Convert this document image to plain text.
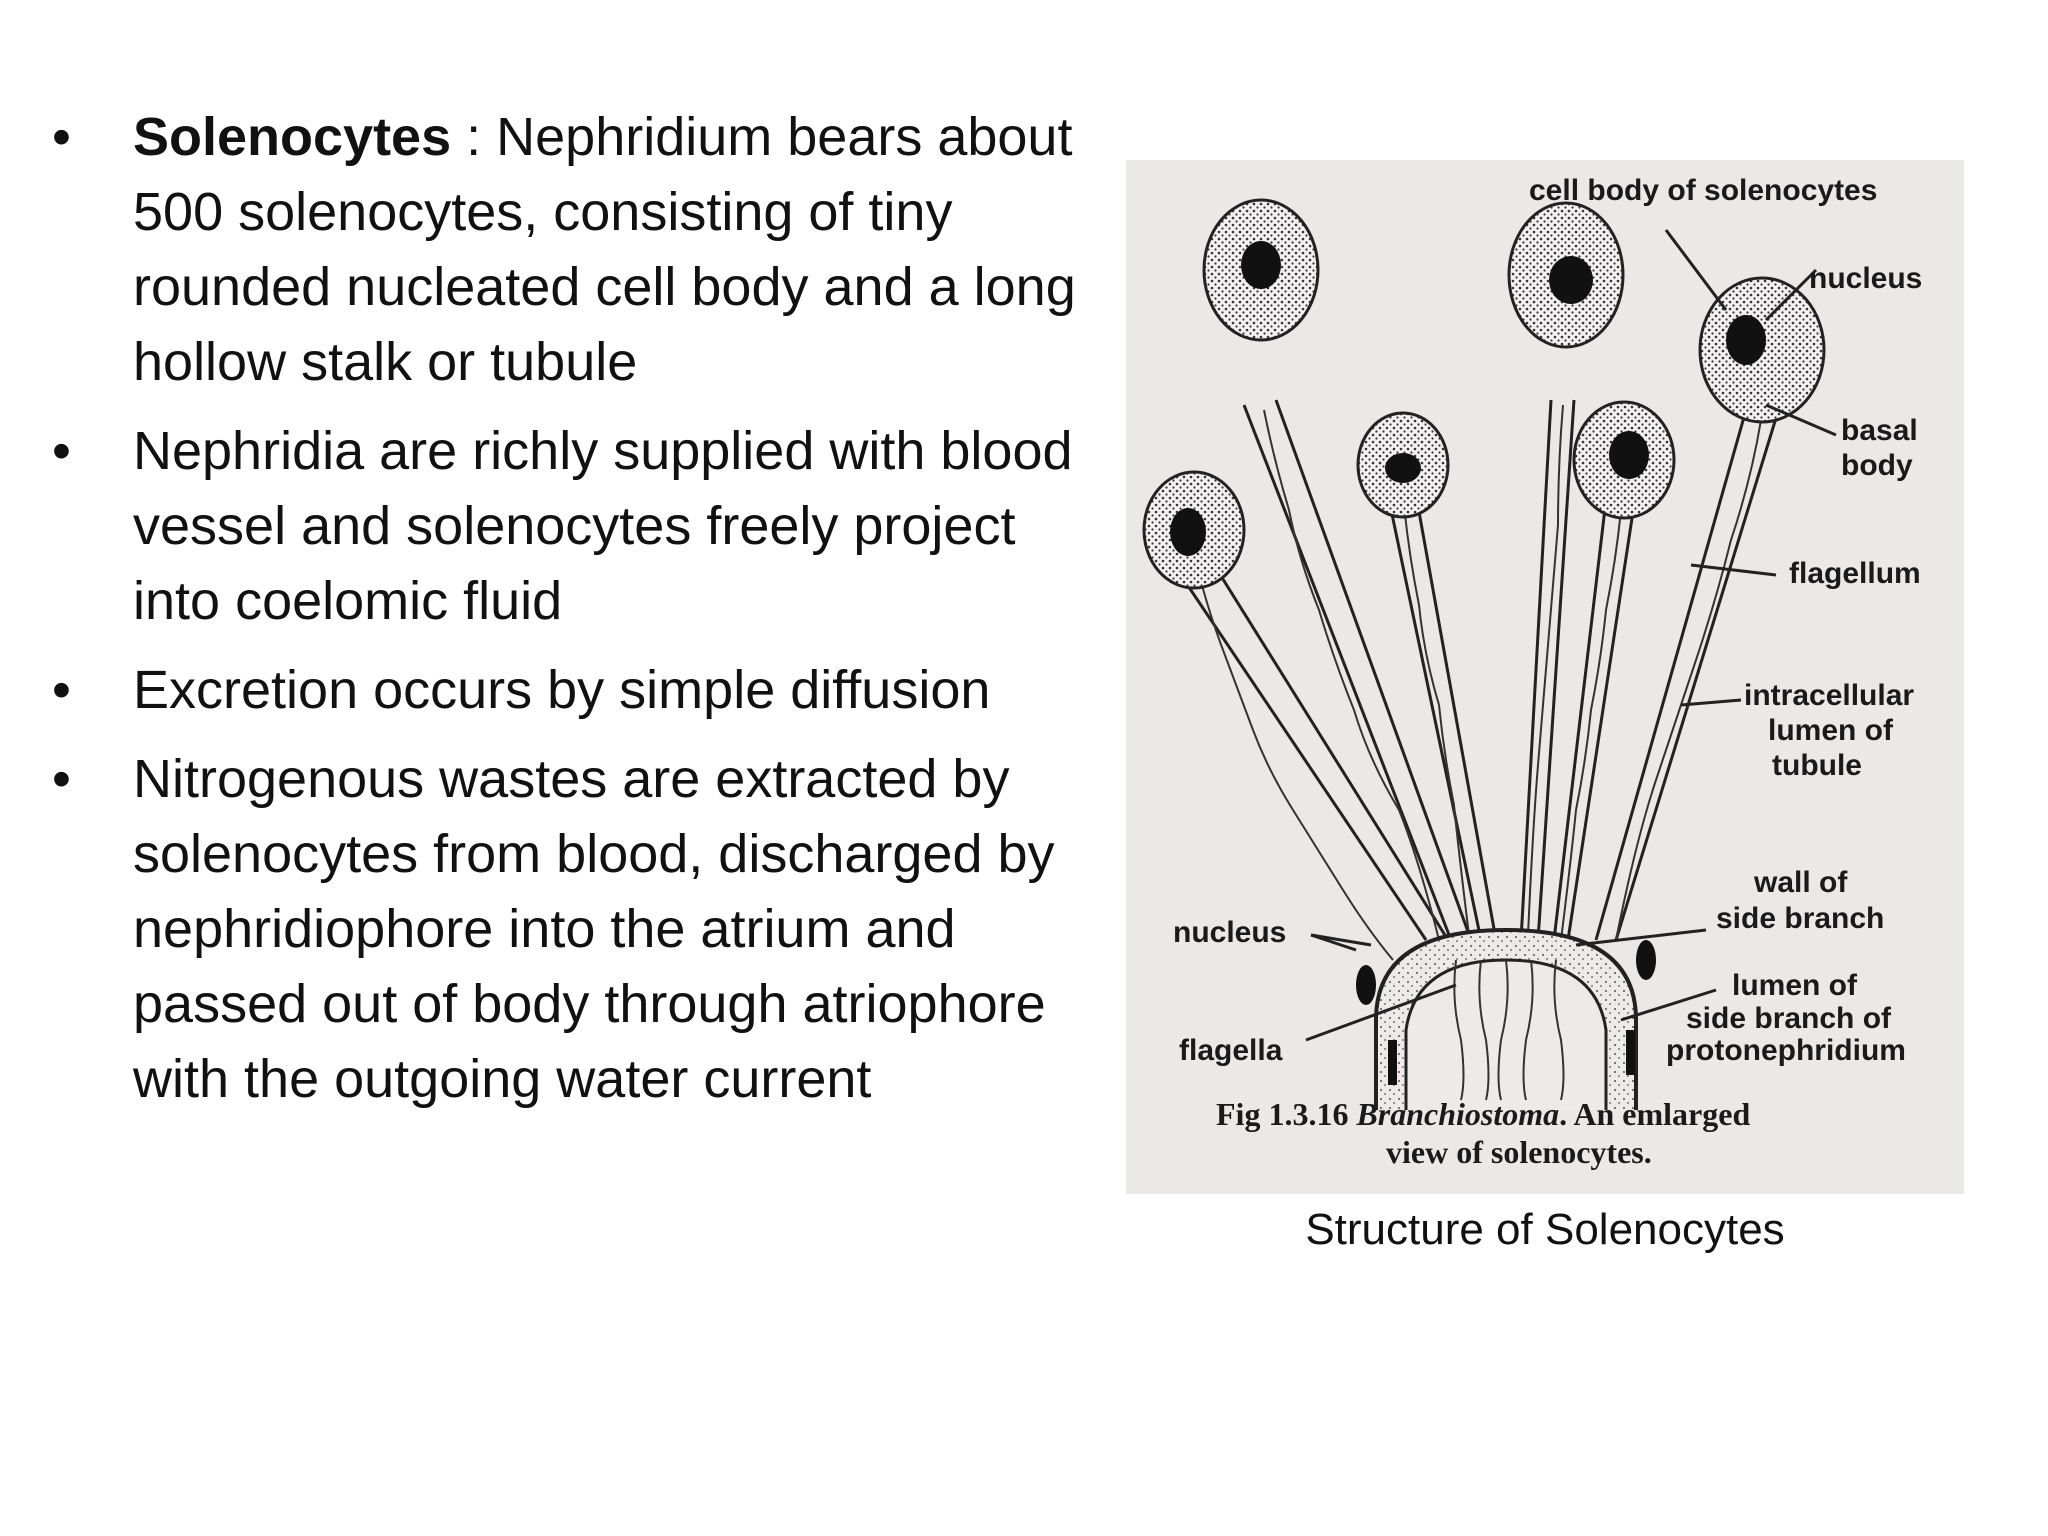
•	Solenocytes : Nephridium bears about 500 solenocytes, consisting of tiny rounded nucleated cell body and a long hollow stalk or tubule
•	Nephridia are richly supplied with blood vessel and solenocytes freely project into coelomic fluid
•	Excretion occurs by simple diffusion
•	Nitrogenous wastes are extracted by solenocytes from blood, discharged by nephridiophore into the atrium and passed out of body through atriophore with the outgoing water current
cell body of solenocytes
nucleus
basal
body
flagellum
intracellular
lumen of
tubule
wall of
side branch
nucleus
lumen of
side branch of
protonephridium
flagella
Fig 1.3.16 Branchiostoma. An emlarged
view of solenocytes.
Structure of Solenocytes
